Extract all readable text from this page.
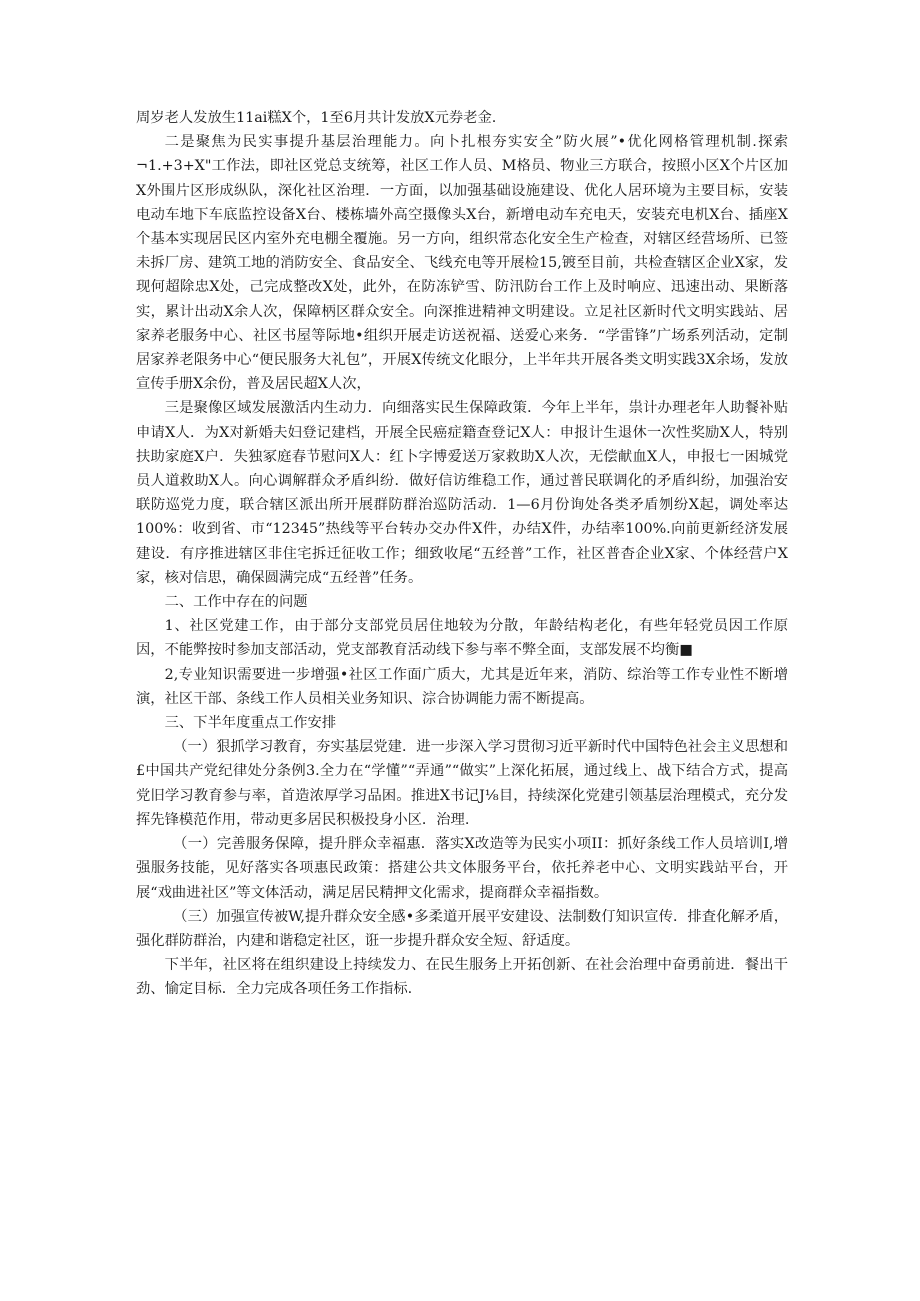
周岁老人发放生11ai糕X个，1至6月共计发放X元券老金.

二是聚焦为民实事提升基层治理能力。向卜扎根夯实安全”防火展”•优化网格管理机制.探索¬1.+3+X"工作法，即社区党总支统筹，社区工作人员、M格员、物业三方联合，按照小区X个片区加X外围片区形成纵队，深化社区治理．一方面，以加强基础设施建设、优化人居环境为主要目标，安装电动车地下车底监控设备X台、楼栋墙外高空摄像头X台，新增电动车充电天，安装充电机X台、插座X个基本实现居民区内室外充电棚全覆施。另一方向，组织常态化安全生产检查，对辖区经营场所、已签未拆厂房、建筑工地的消防安全、食品安全、飞线充电等开展检15,镀至目前，共检查辖区企业X家，发现何超除忠X处，己完成整改X处，此外，在防冻铲雪、防汛防台工作上及时响应、迅速出动、果断落实，累计出动X余人次，保障柄区群众安全。向深推进精神文明建设。立足社区新时代文明实践站、居家养老服务中心、社区书屋等际地•组织开展走访送祝福、送爱心来务．“学雷锋”广场系列活动，定制居家养老限务中心“便民服务大礼包”，开展X传统文化眼分，上半年共开展各类文明实践3X余场，发放宣传手册X余份，普及居民超X人次，

三是聚像区域发展激活内生动力．向细落实民生保障政策．今年上半年，祟计办理老年人助餐补贴申请X人．为X对新婚夫妇登记建档，开展全民癌症籍查登记X人：申报计生退休一次性奖励X人，特别扶助家庭X户．失独冢庭春节慰问X人：红卜字博爱送万家救助X人次，无偿献血X人，申报七一困城党员人道救助X人。向心调解群众矛盾纠纷．做好信访维稳工作，通过普民联调化的矛盾纠纷，加强治安联防巡党力度，联合辖区派出所开展群防群治巡防活动．1—6月份询处各类矛盾刎纷X起，调处率达100%：收到省、市“12345”热线等平台转办交办件X件，办结X件，办结率100%.向前更新经济发展建设．有序推进辖区非住宅拆迁征收工作；细致收尾“五经普”工作，社区普杳企业X家、个体经营户X家，核对信思，确保圆满完成“五经普”任务。

二、工作中存在的问题

1、社区党建工作，由于部分支部党员居住地较为分散，年龄结构老化，有些年轻党员因工作原因，不能弊按时参加支部活动，党支部教育活动线下参与率不弊全面，支部发展不均衡■

2,专业知识需要进一步增强•社区工作面广质大，尤其是近年来，消防、综治等工作专业性不断增演，社区干部、条线工作人员相关业务知识、淙合协调能力需不断提高。

三、下半年度重点工作安排

（一）狠抓学习教育，夯实基层党建．进一步深入学习贯彻习近平新时代中国特色社会主义思想和£中国共产党纪律处分条例3.全力在“学懂”“弄通”“做实”上深化拓展，通过线上、战下结合方式，提高党旧学习教育参与率，首造浓厚学习品困。推进X书记J⅛目，持续深化党建引领基层治理模式，充分发挥先锋模范作用，带动更多居民积极投身小区．治理.

（一）完善服务保障，提升胖众幸福惠．落实X改造等为民实小项II：抓好条线工作人员培训I,增强服务技能，见好落实各项惠民政策：搭建公共文体服务平台，依托养老中心、文明实践站平台，开展“戏曲进社区”等文体活动，满足居民精押文化需求，提商群众幸福指数。

（三）加强宣传被W,提升群众安全感•多柔道开展平安建设、法制数仃知识宣传．排査化解矛盾，强化群防群治，内建和谐稳定社区，诳一步提升群众安全短、舒适度。

下半年，社区将在组织建设上持续发力、在民生服务上开拓创新、在社会治理中奋勇前进．餐出干劲、愉定目标．全力完成各项任务工作指标.
